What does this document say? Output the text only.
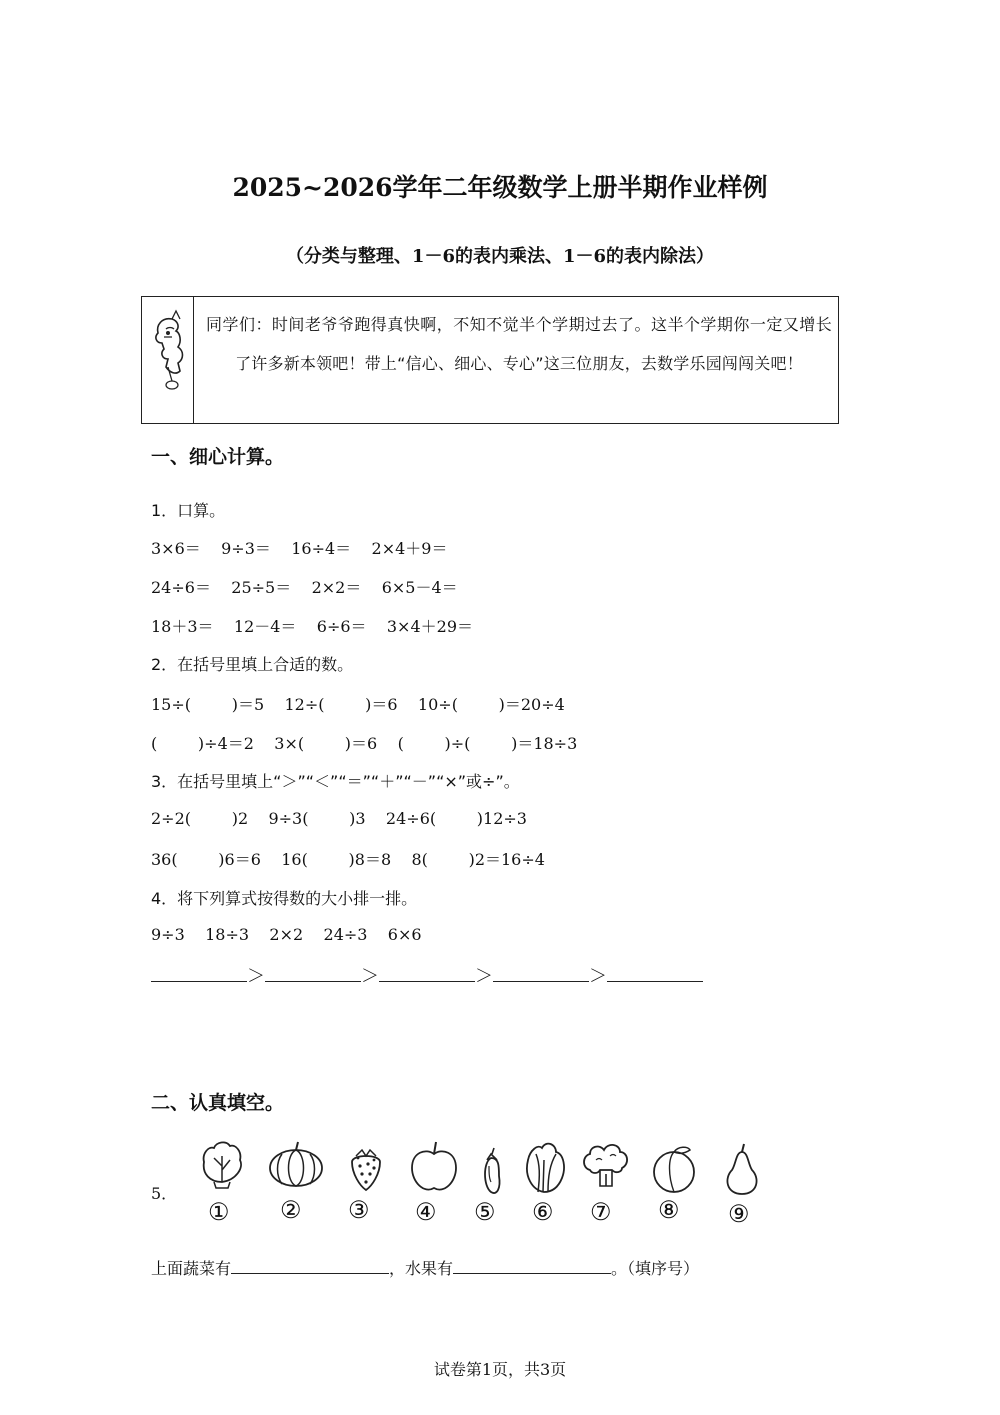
2025~2026学年二年级数学上册半期作业样例
（分类与整理、1－6的表内乘法、1－6的表内除法）
同学们：时间老爷爷跑得真快啊，不知不觉半个学期过去了。这半个学期你一定又增长了许多新本领吧！带上“信心、细心、专心”这三位朋友，去数学乐园闯闯关吧！
一、细心计算。
1．口算。
3×6＝    9÷3＝    16÷4＝    2×4＋9＝
24÷6＝    25÷5＝    2×2＝    6×5－4＝
18＋3＝    12－4＝    6÷6＝    3×4＋29＝
2．在括号里填上合适的数。
15÷(        )＝5    12÷(        )＝6    10÷(        )＝20÷4
(        )÷4＝2    3×(        )＝6    (        )÷(        )＝18÷3
3．在括号里填上“＞”“＜”“＝”“＋”“－”“×”或÷”。
2÷2(        )2    9÷3(        )3    24÷6(        )12÷3
36(        )6＝6    16(        )8＝8    8(        )2＝16÷4
4．将下列算式按得数的大小排一排。
9÷3    18÷3    2×2    24÷3    6×6
＞	＞	＞	＞
二、认真填空。
5．
① ② ③ ④ ⑤ ⑥ ⑦ ⑧ ⑨
上面蔬菜有	，水果有	。（填序号）
试卷第1页，共3页
